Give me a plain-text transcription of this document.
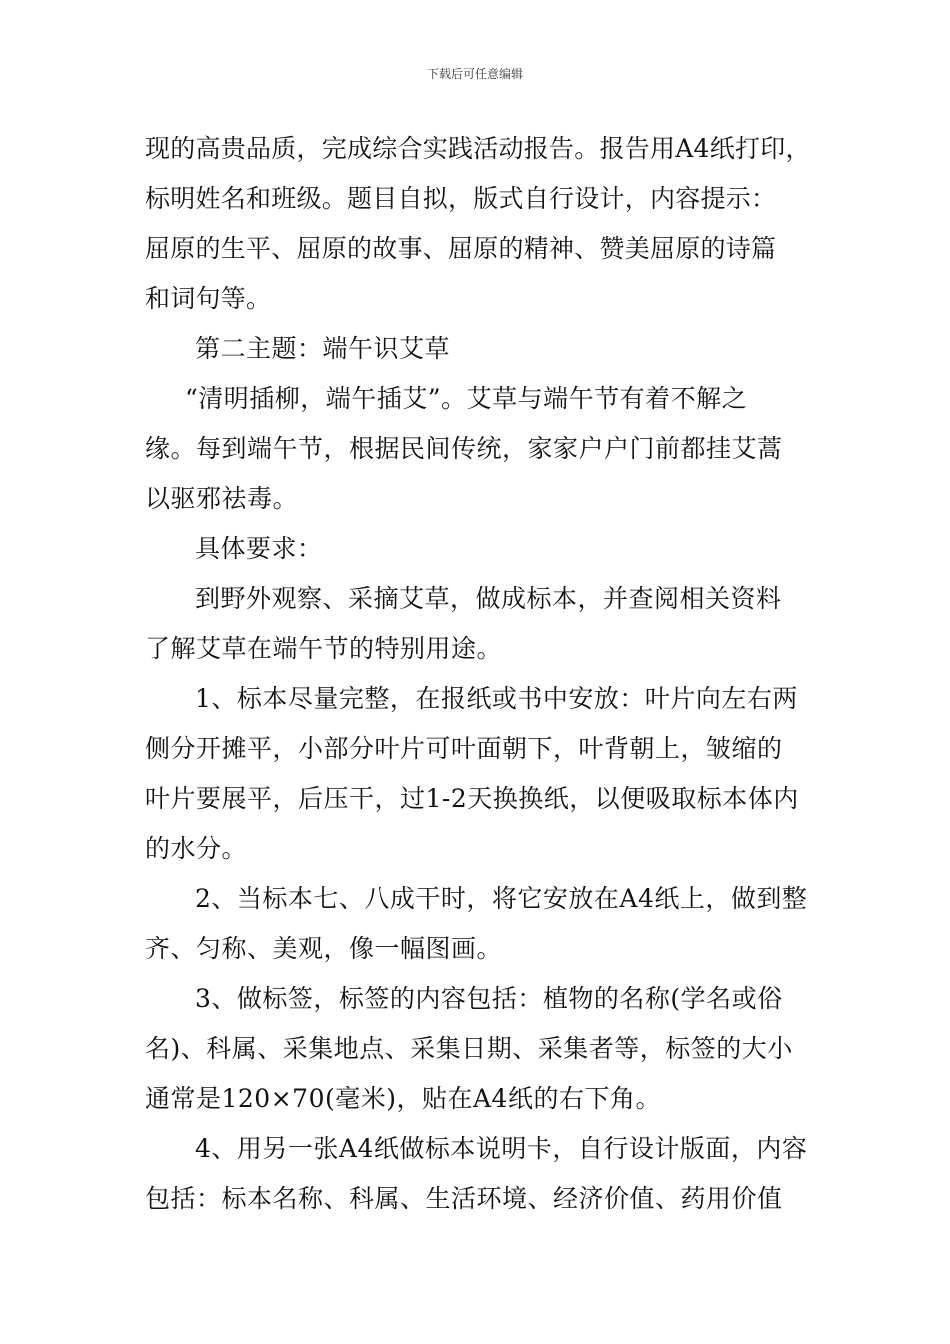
下载后可任意编辑

现的高贵品质，完成综合实践活动报告。报告用A4纸打印，
标明姓名和班级。题目自拟，版式自行设计，内容提示：
屈原的生平、屈原的故事、屈原的精神、赞美屈原的诗篇
和词句等。

第二主题：端午识艾草

“清明插柳，端午插艾”。艾草与端午节有着不解之
缘。每到端午节，根据民间传统，家家户户门前都挂艾蒿
以驱邪祛毒。

具体要求：

到野外观察、采摘艾草，做成标本，并查阅相关资料
了解艾草在端午节的特别用途。

1、标本尽量完整，在报纸或书中安放：叶片向左右两
侧分开摊平，小部分叶片可叶面朝下，叶背朝上，皱缩的
叶片要展平，后压干，过1-2天换换纸，以便吸取标本体内
的水分。

2、当标本七、八成干时，将它安放在A4纸上，做到整
齐、匀称、美观，像一幅图画。

3、做标签，标签的内容包括：植物的名称(学名或俗
名)、科属、采集地点、采集日期、采集者等，标签的大小
通常是120×70(毫米)，贴在A4纸的右下角。

4、用另一张A4纸做标本说明卡，自行设计版面，内容
包括：标本名称、科属、生活环境、经济价值、药用价值
